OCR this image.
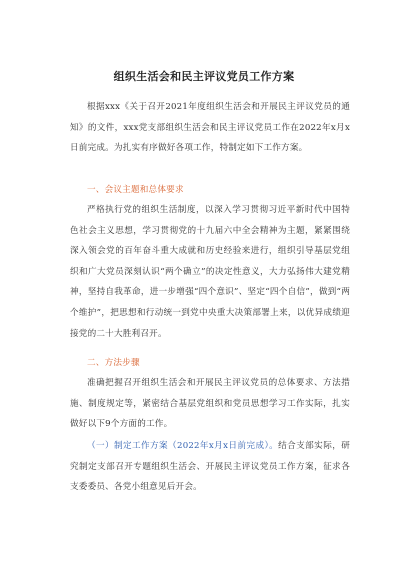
组织生活会和民主评议党员工作方案
根据xxx《关于召开2021年度组织生活会和开展民主评议党员的通知》的文件，xxx党支部组织生活会和民主评议党员工作在2022年x月x日前完成。为扎实有序做好各项工作，特制定如下工作方案。
一、会议主题和总体要求
严格执行党的组织生活制度，以深入学习贯彻习近平新时代中国特色社会主义思想，学习贯彻党的十九届六中全会精神为主题，紧紧围绕深入领会党的百年奋斗重大成就和历史经验来进行，组织引导基层党组织和广大党员深刻认识“两个确立”的决定性意义，大力弘扬伟大建党精神，坚持自我革命，进一步增强“四个意识”、坚定“四个自信”，做到“两个维护”，把思想和行动统一到党中央重大决策部署上来，以优异成绩迎接党的二十大胜利召开。
二、方法步骤
准确把握召开组织生活会和开展民主评议党员的总体要求、方法措施、制度规定等，紧密结合基层党组织和党员思想学习工作实际，扎实做好以下9个方面的工作。
（一）制定工作方案（2022年x月x日前完成）。结合支部实际，研究制定支部召开专题组织生活会、开展民主评议党员工作方案，征求各支委委员、各党小组意见后开会。
